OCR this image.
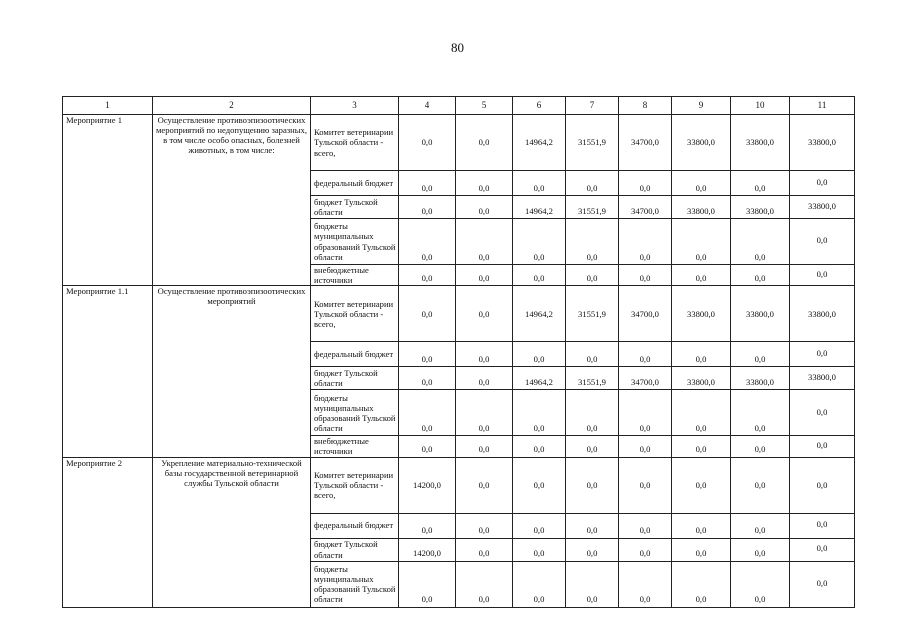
80
1	2	3	4	5	6	7	8	9	10	11
Мероприятие 1	Осуществление противоэпизоотических мероприятий по недопущению заразных, в том числе особо опасных, болезней животных, в том числе:	Комитет ветеринарии Тульской области - всего,	0,0	0,0	14964,2	31551,9	34700,0	33800,0	33800,0	33800,0
		федеральный бюджет	0,0	0,0	0,0	0,0	0,0	0,0	0,0	0,0
		бюджет Тульской области	0,0	0,0	14964,2	31551,9	34700,0	33800,0	33800,0	33800,0
		бюджеты муниципальных образований Тульской области	0,0	0,0	0,0	0,0	0,0	0,0	0,0	0,0
		внебюджетные источники	0,0	0,0	0,0	0,0	0,0	0,0	0,0	0,0
Мероприятие 1.1	Осуществление противоэпизоотических мероприятий	Комитет ветеринарии Тульской области - всего,	0,0	0,0	14964,2	31551,9	34700,0	33800,0	33800,0	33800,0
		федеральный бюджет	0,0	0,0	0,0	0,0	0,0	0,0	0,0	0,0
		бюджет Тульской области	0,0	0,0	14964,2	31551,9	34700,0	33800,0	33800,0	33800,0
		бюджеты муниципальных образований Тульской области	0,0	0,0	0,0	0,0	0,0	0,0	0,0	0,0
		внебюджетные источники	0,0	0,0	0,0	0,0	0,0	0,0	0,0	0,0
Мероприятие 2	Укрепление материально-технической базы государственной ветеринарной службы Тульской области	Комитет ветеринарии Тульской области - всего,	14200,0	0,0	0,0	0,0	0,0	0,0	0,0	0,0
		федеральный бюджет	0,0	0,0	0,0	0,0	0,0	0,0	0,0	0,0
		бюджет Тульской области	14200,0	0,0	0,0	0,0	0,0	0,0	0,0	0,0
		бюджеты муниципальных образований Тульской области	0,0	0,0	0,0	0,0	0,0	0,0	0,0	0,0
